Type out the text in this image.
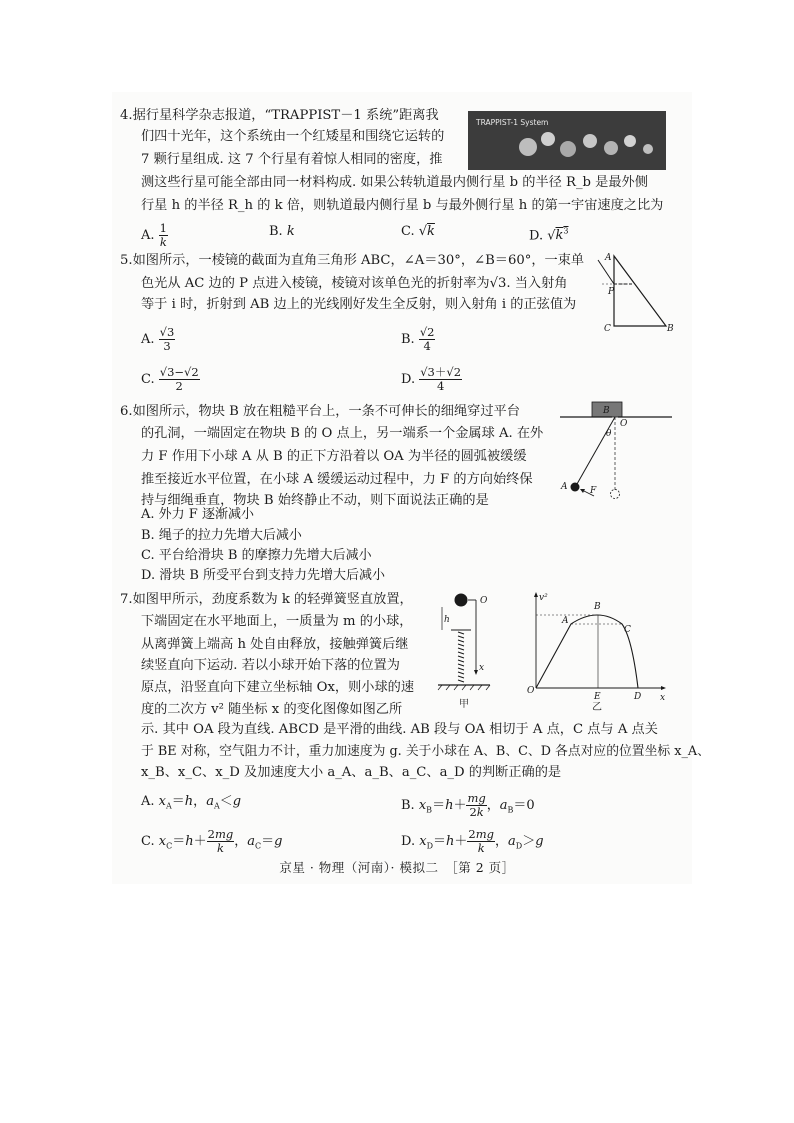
4.据行星科学杂志报道，“TRAPPIST－1 系统”距离我
们四十光年，这个系统由一个红矮星和围绕它运转的
7 颗行星组成. 这 7 个行星有着惊人相同的密度，推
测这些行星可能全部由同一材料构成. 如果公转轨道最内侧行星 b 的半径 R_b 是最外侧
行星 h 的半径 R_h 的 k 倍，则轨道最内侧行星 b 与最外侧行星 h 的第一宇宙速度之比为
TRAPPIST-1 System
A. $\frac{1}{k}$	B. k	C. √k	D. $√k^3$
5.如图所示，一棱镜的截面为直角三角形 ABC，∠A＝30°，∠B＝60°，一束单
色光从 AC 边的 P 点进入棱镜，棱镜对该单色光的折射率为√3. 当入射角
等于 i 时，折射到 AB 边上的光线刚好发生全反射，则入射角 i 的正弦值为
A. $\frac{√3}{3}$	B. $\frac{√2}{4}$
C. $\frac{√3-√2}{2}$	D. $\frac{√3+√2}{4}$
A
P
C	B
6.如图所示，物块 B 放在粗糙平台上，一条不可伸长的细绳穿过平台
的孔洞，一端固定在物块 B 的 O 点上，另一端系一个金属球 A. 在外
力 F 作用下小球 A 从 B 的正下方沿着以 OA 为半径的圆弧被缓缓
推至接近水平位置，在小球 A 缓缓运动过程中，力 F 的方向始终保
持与细绳垂直，物块 B 始终静止不动，则下面说法正确的是
A. 外力 F 逐渐减小
B. 绳子的拉力先增大后减小
C. 平台给滑块 B 的摩擦力先增大后减小
D. 滑块 B 所受平台到支持力先增大后减小
B
O
θ
A	F
7.如图甲所示，劲度系数为 k 的轻弹簧竖直放置，
下端固定在水平地面上，一质量为 m 的小球，
从离弹簧上端高 h 处自由释放，接触弹簧后继
续竖直向下运动. 若以小球开始下落的位置为
原点，沿竖直向下建立坐标轴 Ox，则小球的速
度的二次方 v² 随坐标 x 的变化图像如图乙所
示. 其中 OA 段为直线. ABCD 是平滑的曲线. AB 段与 OA 相切于 A 点，C 点与 A 点关
于 BE 对称，空气阻力不计，重力加速度为 g. 关于小球在 A、B、C、D 各点对应的位置坐标 x_A、
x_B、x_C、x_D 及加速度大小 a_A、a_B、a_C、a_D 的判断正确的是
A. $x_A=h$，$a_A<g$	B. $x_B=h+ \frac{mg}{2k}$ ，$a_B=0$
C. $x_C=h+ \frac{2mg}{k}$ ，$a_C=g$	D. $x_D=h+ \frac{2mg}{k}$ ，$a_D>g$
O
x
h
甲
v²
x
O
B
A
C
E	D
乙
京星 · 物理（河南）· 模拟二　［第 2 页］
